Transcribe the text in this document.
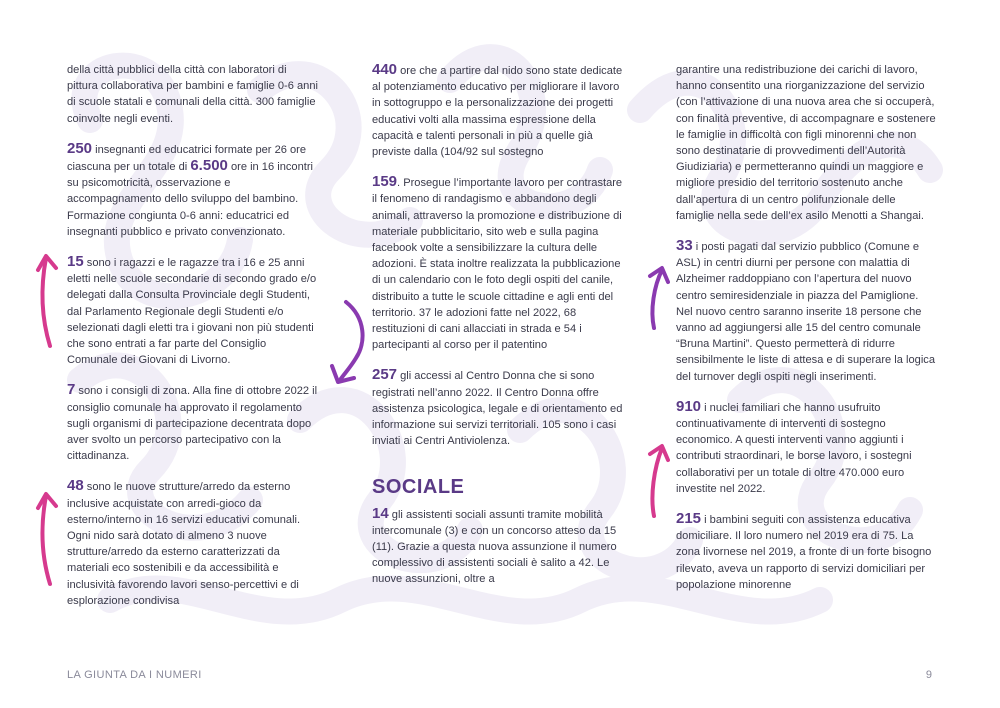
della città pubblici della città con laboratori di pittura collaborativa per bambini e famiglie 0-6 anni di scuole statali e comunali della città. 300 famiglie coinvolte negli eventi.

250 insegnanti ed educatrici formate per 26 ore ciascuna per un totale di 6.500 ore in 16 incontri su psicomotricità, osservazione e accompagnamento dello sviluppo del bambino. Formazione congiunta 0-6 anni: educatrici ed insegnanti pubblico e privato convenzionato.

15 sono i ragazzi e le ragazze tra i 16 e 25 anni eletti nelle scuole secondarie di secondo grado e/o delegati dalla Consulta Provinciale degli Studenti, dal Parlamento Regionale degli Studenti e/o selezionati dagli eletti tra i giovani non più studenti che sono entrati a far parte del Consiglio Comunale dei Giovani di Livorno.

7 sono i consigli di zona. Alla fine di ottobre 2022 il consiglio comunale ha approvato il regolamento sugli organismi di partecipazione decentrata dopo aver svolto un percorso partecipativo con la cittadinanza.

48 sono le nuove strutture/arredo da esterno inclusive acquistate con arredi-gioco da esterno/interno in 16 servizi educativi comunali. Ogni nido sarà dotato di almeno 3 nuove strutture/arredo da esterno caratterizzati da materiali eco sostenibili e da accessibilità e inclusività favorendo lavori senso-percettivi e di esplorazione condivisa

440 ore che a partire dal nido sono state dedicate al potenziamento educativo per migliorare il lavoro in sottogruppo e la personalizzazione dei progetti educativi volti alla massima espressione della capacità e talenti personali in più a quelle già previste dalla (104/92 sul sostegno

159. Prosegue l’importante lavoro per contrastare il fenomeno di randagismo e abbandono degli animali, attraverso la promozione e distribuzione di materiale pubblicitario, sito web e sulla pagina facebook volte a sensibilizzare la cultura delle adozioni. È stata inoltre realizzata la pubblicazione di un calendario con le foto degli ospiti del canile, distribuito a tutte le scuole cittadine e agli enti del territorio. 37 le adozioni fatte nel 2022, 68 restituzioni di cani allacciati in strada e 54 i partecipanti al corso per il patentino

257 gli accessi al Centro Donna che si sono registrati nell’anno 2022. Il Centro Donna offre assistenza psicologica, legale e di orientamento ed informazione sui servizi territoriali. 105 sono i casi inviati ai Centri Antiviolenza.

SOCIALE

14 gli assistenti sociali assunti tramite mobilità intercomunale (3) e con un concorso atteso da 15 (11). Grazie a questa nuova assunzione il numero complessivo di assistenti sociali è salito a 42. Le nuove assunzioni, oltre a

garantire una redistribuzione dei carichi di lavoro, hanno consentito una riorganizzazione del servizio (con l’attivazione di una nuova area che si occuperà, con finalità preventive, di accompagnare e sostenere le famiglie in difficoltà con figli minorenni che non sono destinatarie di provvedimenti dell’Autorità Giudiziaria) e permetteranno quindi un maggiore e migliore presidio del territorio sostenuto anche dall’apertura di un centro polifunzionale delle famiglie nella sede dell’ex asilo Menotti a Shangai.

33 i posti pagati dal servizio pubblico (Comune e ASL) in centri diurni per persone con malattia di Alzheimer raddoppiano con l’apertura del nuovo centro semiresidenziale in piazza del Pamiglione. Nel nuovo centro saranno inserite 18 persone che vanno ad aggiungersi alle 15 del centro comunale “Bruna Martini”. Questo permetterà di ridurre sensibilmente le liste di attesa e di superare la logica del turnover degli ospiti negli inserimenti.

910 i nuclei familiari che hanno usufruito continuativamente di interventi di sostegno economico. A questi interventi vanno aggiunti i contributi straordinari, le borse lavoro, i sostegni collaborativi per un totale di oltre 470.000 euro investite nel 2022.

215 i bambini seguiti con assistenza educativa domiciliare. Il loro numero nel 2019 era di 75. La zona livornese nel 2019, a fronte di un forte bisogno rilevato, aveva un rapporto di servizi domiciliari per popolazione minorenne

LA GIUNTA DA I NUMERI	9
